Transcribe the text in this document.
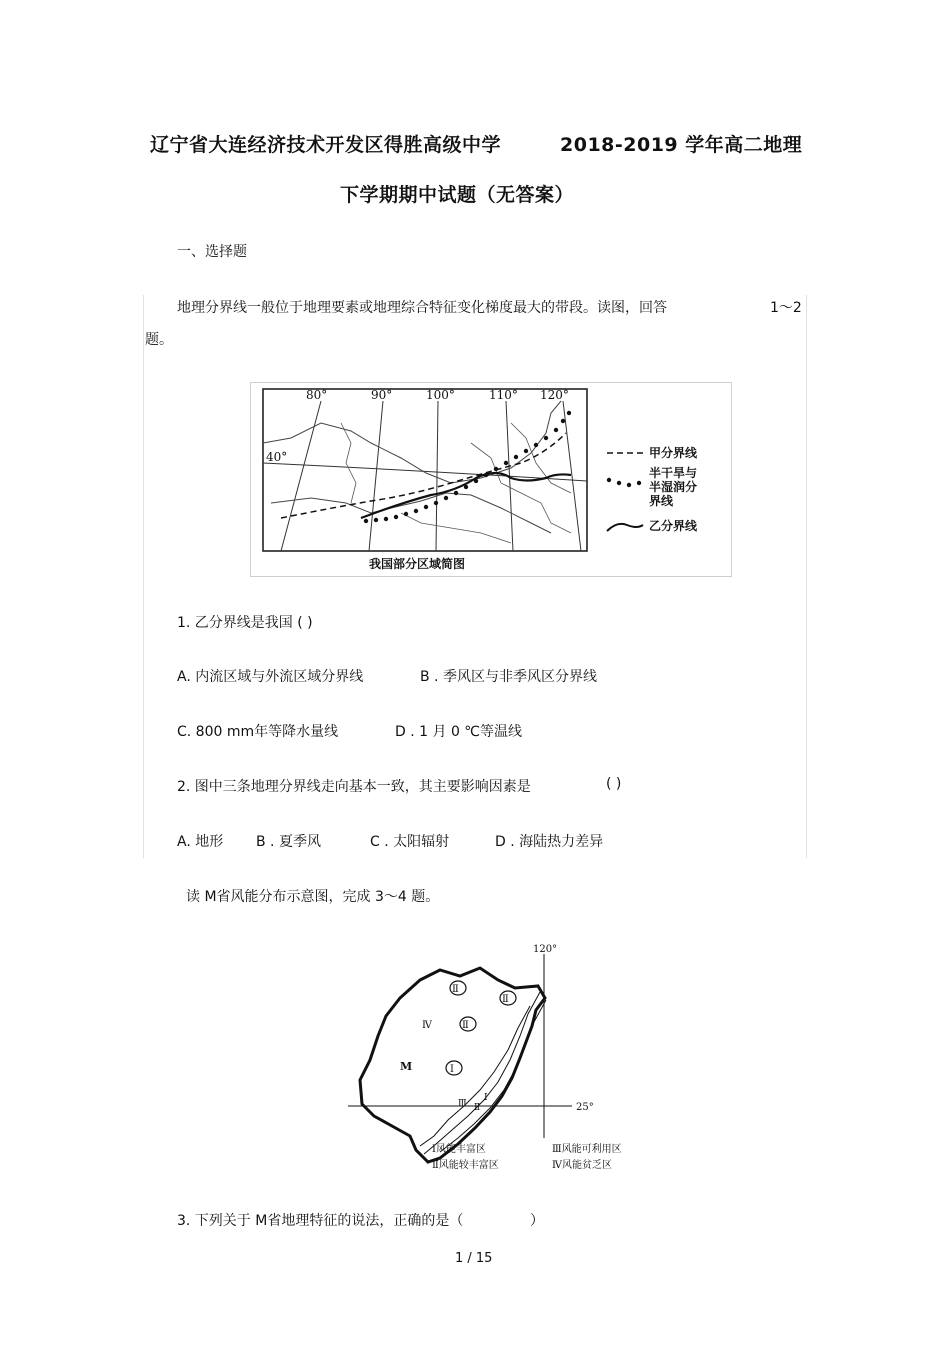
辽宁省大连经济技术开发区得胜高级中学	2018-2019 学年高二地理
下学期期中试题（无答案）
一、选择题
地理分界线一般位于地理要素或地理综合特征变化梯度最大的带段。读图，回答	1～2
题。
80°	90°	100°	110° 120°
40°
我国部分区域简图
甲分界线
半干旱与
半湿润分
界线
乙分界线
1. 乙分界线是我国 ( )
A. 内流区域与外流区域分界线	B . 季风区与非季风区分界线
C. 800 mm年等降水量线	D . 1 月 0 ℃等温线
2. 图中三条地理分界线走向基本一致，其主要影响因素是	( )
A. 地形 B . 夏季风	C . 太阳辐射	D . 海陆热力差异
读 M省风能分布示意图，完成 3～4 题。
120°
25°
Ⅱ
Ⅳ	Ⅱ
Ⅱ
Ⅰ
Ⅲ
Ⅰ
Ⅱ
M
Ⅰ风能丰富区	Ⅲ风能可利用区
Ⅱ风能较丰富区	Ⅳ风能贫乏区
3. 下列关于 M省地理特征的说法，正确的是（	）
1 / 15
